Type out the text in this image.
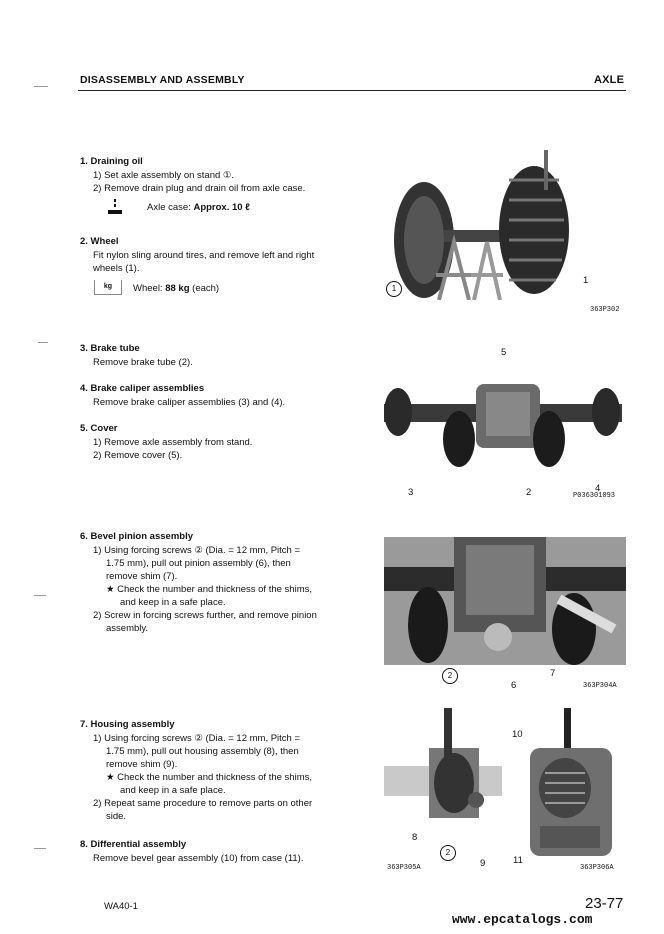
DISASSEMBLY AND ASSEMBLY	AXLE
1. Draining oil
1) Set axle assembly on stand ①.
2) Remove drain plug and drain oil from axle case.
Axle case: Approx. 10 ℓ
2. Wheel
Fit nylon sling around tires, and remove left and right
wheels (1).
kg	Wheel: 88 kg (each)
3. Brake tube
Remove brake tube (2).
4. Brake caliper assemblies
Remove brake caliper assemblies (3) and (4).
5. Cover
1) Remove axle assembly from stand.
2) Remove cover (5).
6. Bevel pinion assembly
1) Using forcing screws ② (Dia. = 12 mm, Pitch =
1.75 mm), pull out pinion assembly (6), then
remove shim (7).
★ Check the number and thickness of the shims,
and keep in a safe place.
2) Screw in forcing screws further, and remove pinion
assembly.
7. Housing assembly
1) Using forcing screws ② (Dia. = 12 mm, Pitch =
1.75 mm), pull out housing assembly (8), then
remove shim (9).
★ Check the number and thickness of the shims,
and keep in a safe place.
2) Repeat same procedure to remove parts on other
side.
8. Differential assembly
Remove bevel gear assembly (10) from case (11).
1
1
363P302
5
3	2	4
P036301093
2
6
7
363P304A
8
2
9
363P305A
10
11
363P306A
WA40-1	23-77
www.epcatalogs.com
